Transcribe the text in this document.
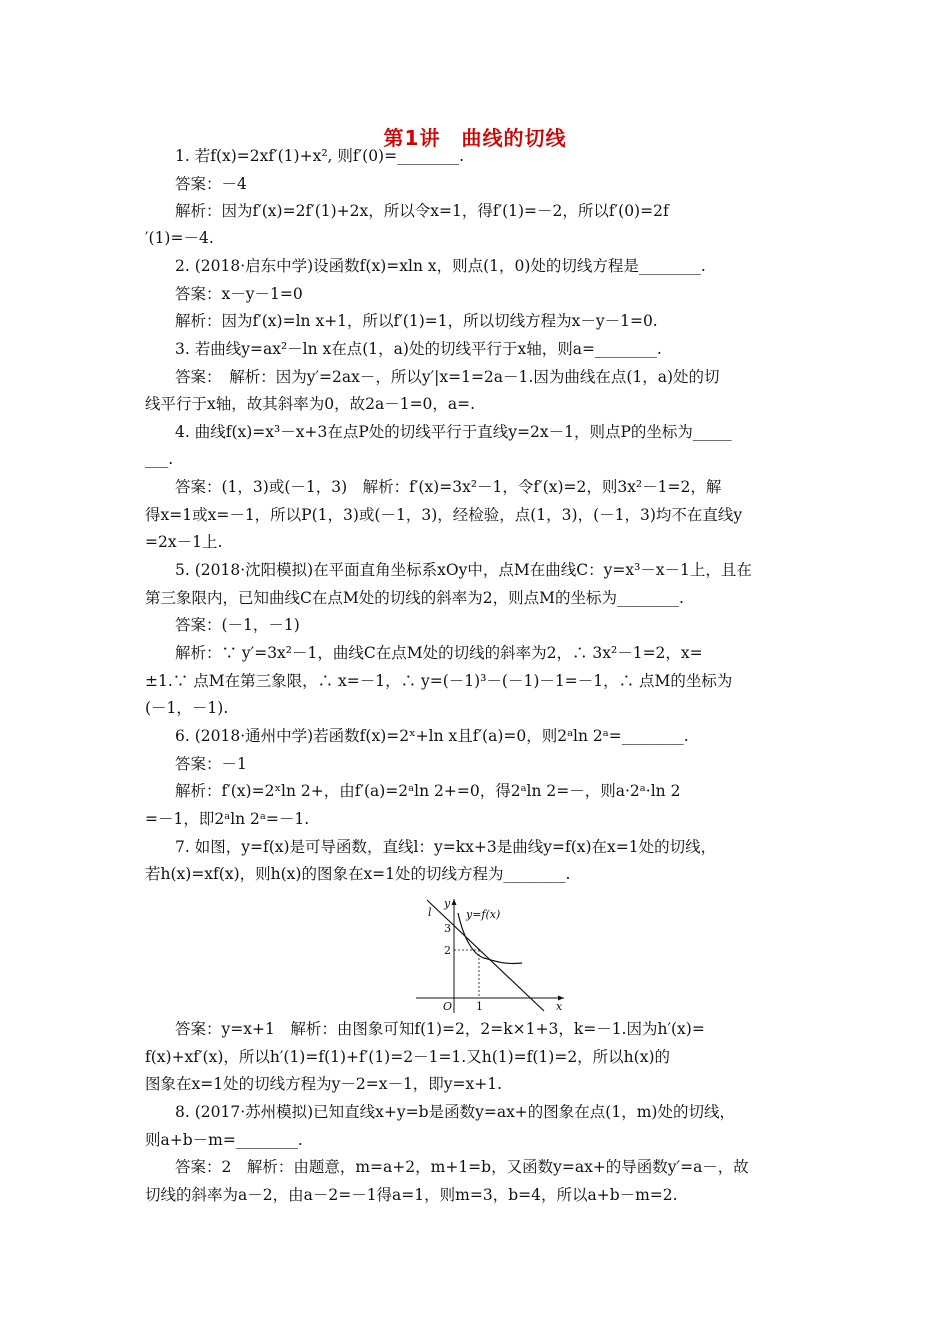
第1讲　曲线的切线
1. 若f(x)=2xf′(1)+x², 则f′(0)=________.
答案：－4
解析：因为f′(x)=2f′(1)+2x，所以令x=1，得f′(1)=－2，所以f′(0)=2f
′(1)=－4.
2. (2018·启东中学)设函数f(x)=xln x，则点(1，0)处的切线方程是________.
答案：x－y－1=0
解析：因为f′(x)=ln x+1，所以f′(1)=1，所以切线方程为x－y－1=0.
3. 若曲线y=ax²－ln x在点(1，a)处的切线平行于x轴，则a=________.
答案：　解析：因为y′=2ax－，所以y′|x=1=2a－1.因为曲线在点(1，a)处的切
线平行于x轴，故其斜率为0，故2a－1=0，a=.
4. 曲线f(x)=x³－x+3在点P处的切线平行于直线y=2x－1，则点P的坐标为_____
___.
答案：(1，3)或(－1，3)　解析：f′(x)=3x²－1，令f′(x)=2，则3x²－1=2，解
得x=1或x=－1，所以P(1，3)或(－1，3)，经检验，点(1，3)，(－1，3)均不在直线y
=2x－1上.
5. (2018·沈阳模拟)在平面直角坐标系xOy中，点M在曲线C：y=x³－x－1上，且在
第三象限内，已知曲线C在点M处的切线的斜率为2，则点M的坐标为________.
答案：(－1，－1)
解析：∵ y′=3x²－1，曲线C在点M处的切线的斜率为2，∴ 3x²－1=2，x=
±1.∵ 点M在第三象限，∴ x=－1，∴ y=(－1)³－(－1)－1=－1，∴ 点M的坐标为
(－1，－1).
6. (2018·通州中学)若函数f(x)=2ˣ+ln x且f′(a)=0，则2ᵃln 2ᵃ=________.
答案：－1
解析：f′(x)=2ˣln 2+，由f′(a)=2ᵃln 2+=0，得2ᵃln 2=－，则a·2ᵃ·ln 2
=－1，即2ᵃln 2ᵃ=－1.
7. 如图，y=f(x)是可导函数，直线l：y=kx+3是曲线y=f(x)在x=1处的切线，
若h(x)=xf(x)，则h(x)的图象在x=1处的切线方程为________.
l
y
y=f(x)
3
2
O 1	x
答案：y=x+1　解析：由图象可知f(1)=2，2=k×1+3，k=－1.因为h′(x)=
f(x)+xf′(x)，所以h′(1)=f(1)+f′(1)=2－1=1.又h(1)=f(1)=2，所以h(x)的
图象在x=1处的切线方程为y－2=x－1，即y=x+1.
8. (2017·苏州模拟)已知直线x+y=b是函数y=ax+的图象在点(1，m)处的切线，
则a+b－m=________.
答案：2　解析：由题意，m=a+2，m+1=b，又函数y=ax+的导函数y′=a－，故
切线的斜率为a－2，由a－2=－1得a=1，则m=3，b=4，所以a+b－m=2.
